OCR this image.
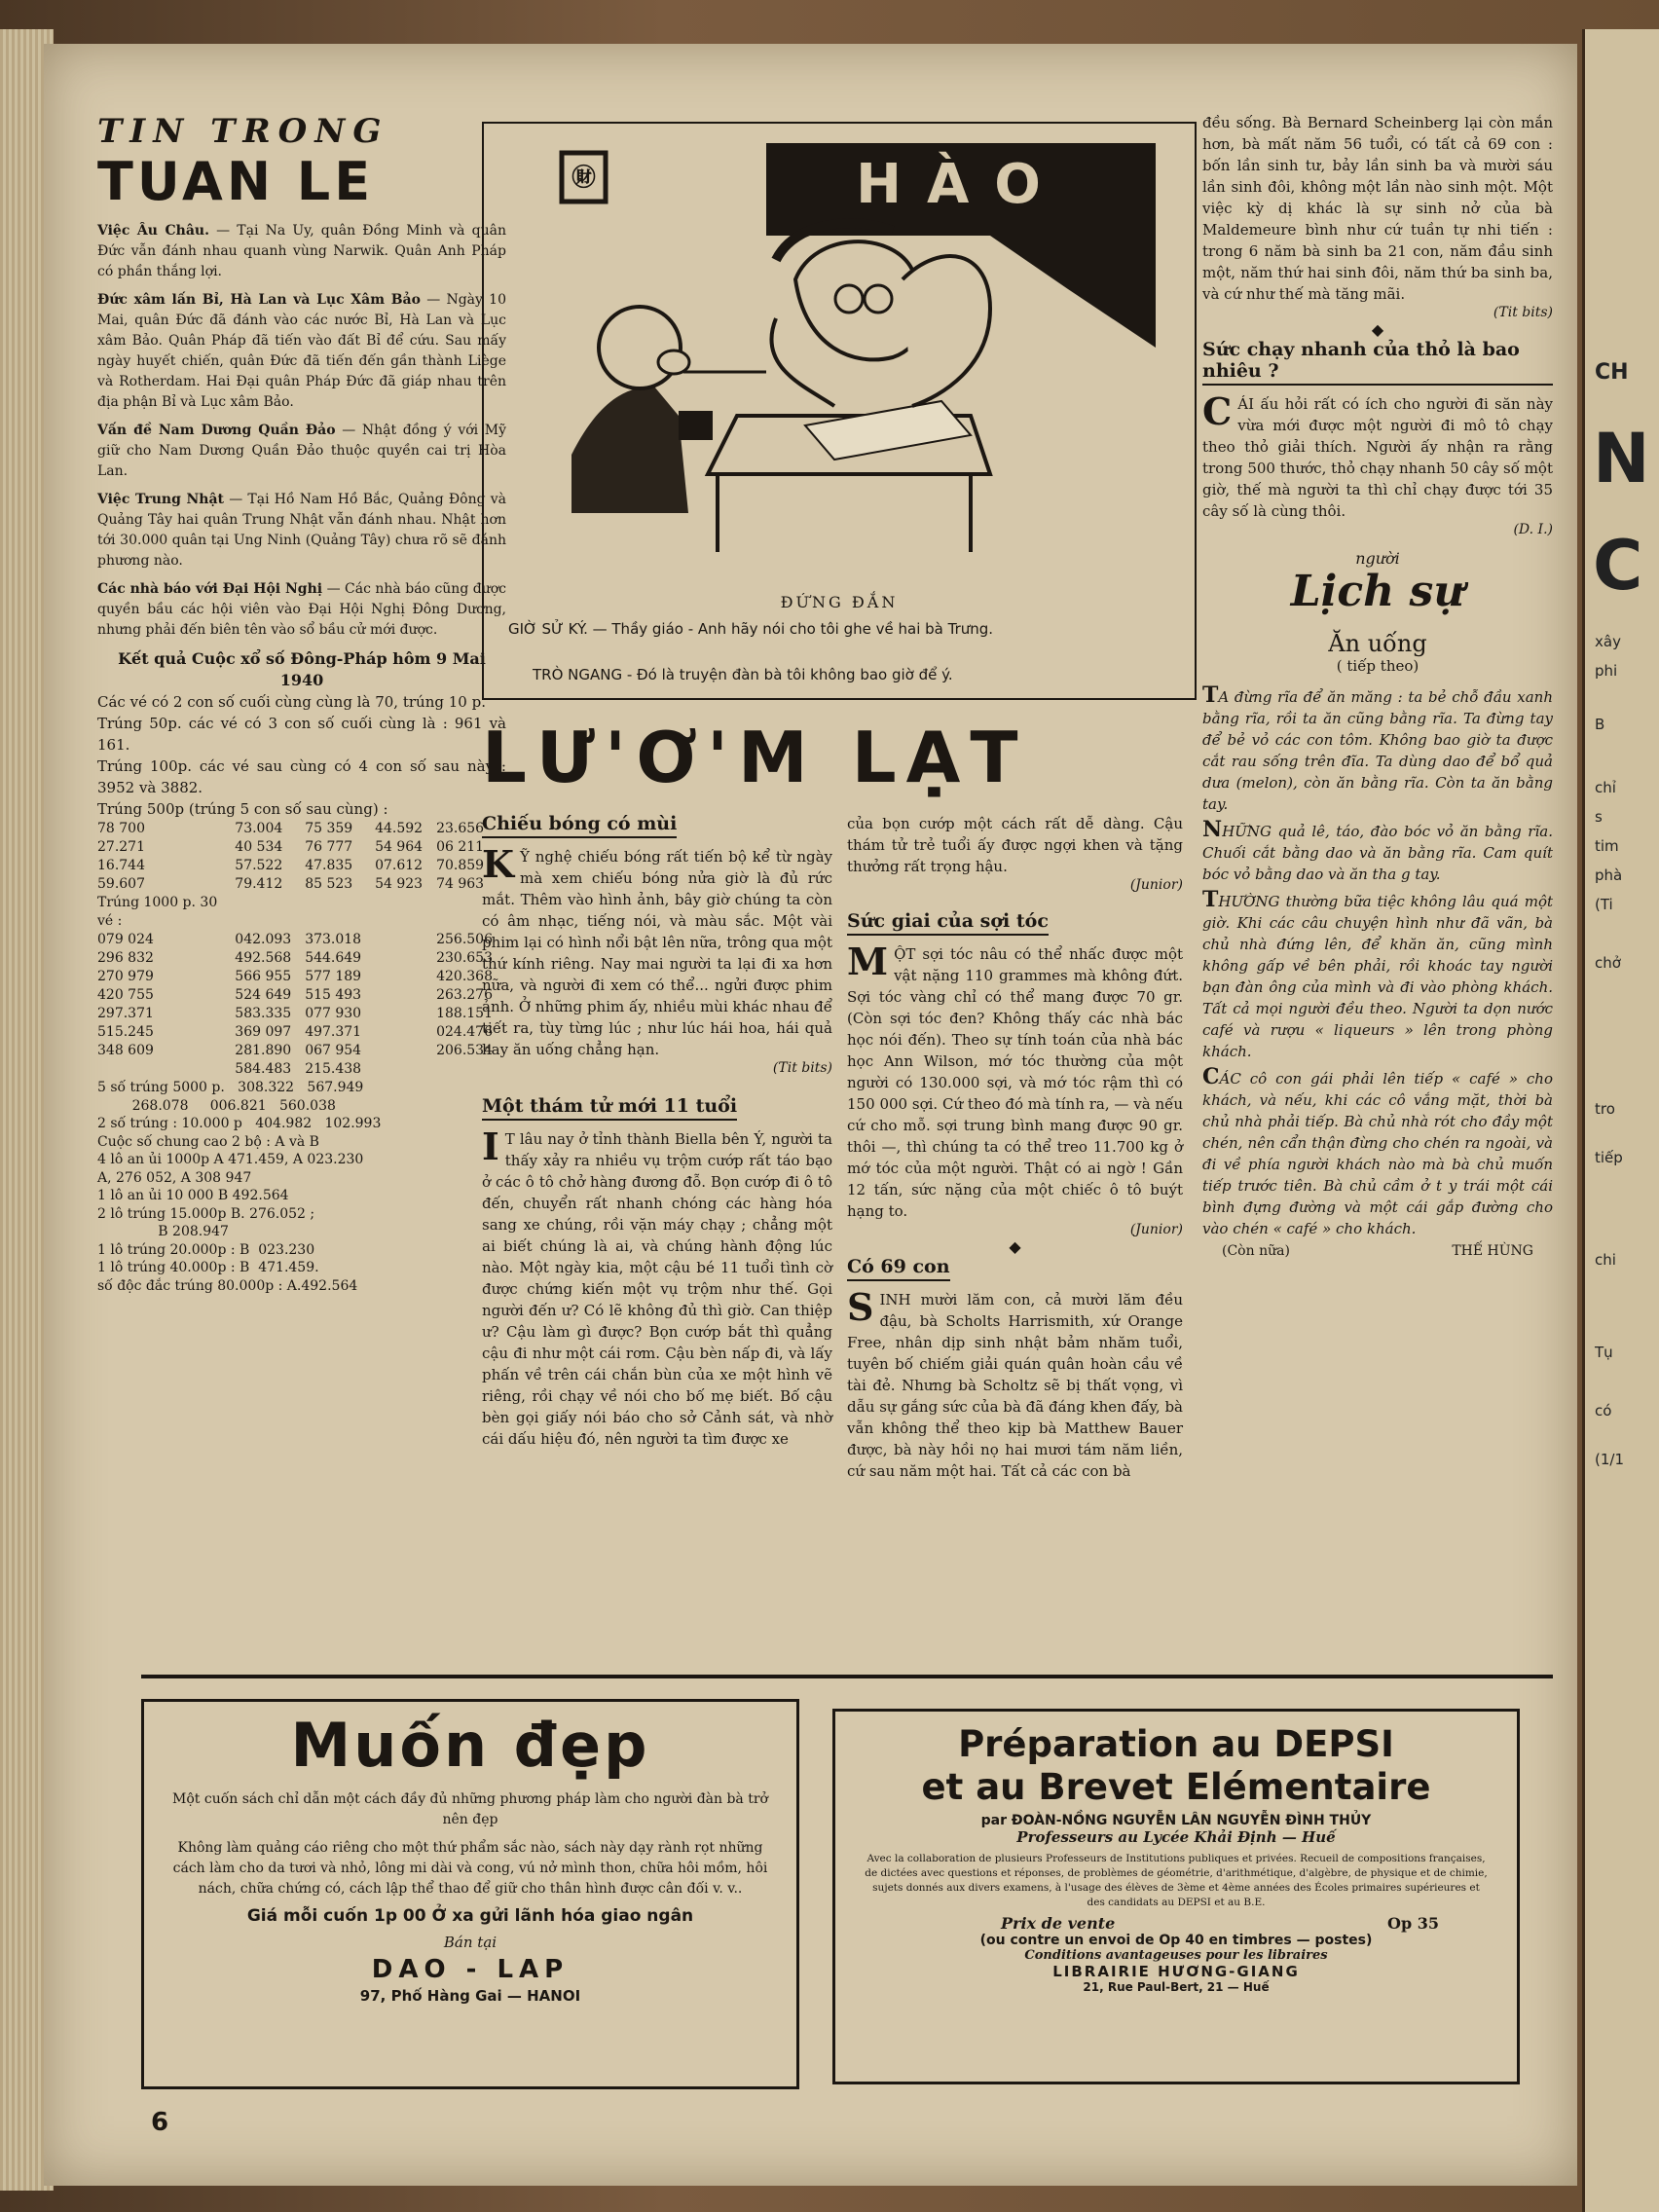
CH
N
C
xây
phi
B
chỉ
s
tim
phà
(Ti
chở
tro
tiếp
chi
Tụ
có
(1/1
TIN TRONG
TUAN LE

Việc Âu Châu. — Tại Na Uy, quân Đồng Minh và quân Đức vẫn đánh nhau quanh vùng Narwik. Quân Anh Pháp có phần thắng lợi.

Đức xâm lấn Bỉ, Hà Lan và Lục Xâm Bảo — Ngày 10 Mai, quân Đức đã đánh vào các nước Bỉ, Hà Lan và Lục xâm Bảo. Quân Pháp đã tiến vào đất Bỉ để cứu. Sau mấy ngày huyết chiến, quân Đức đã tiến đến gần thành Liège và Rotherdam. Hai Đại quân Pháp Đức đã giáp nhau trên địa phận Bỉ và Lục xâm Bảo.

Vấn đề Nam Dương Quần Đảo — Nhật đồng ý với Mỹ giữ cho Nam Dương Quần Đảo thuộc quyền cai trị Hòa Lan.

Việc Trung Nhật — Tại Hồ Nam Hồ Bắc, Quảng Đông và Quảng Tây hai quân Trung Nhật vẫn đánh nhau. Nhật hơn tới 30.000 quân tại Ung Ninh (Quảng Tây) chưa rõ sẽ đánh phương nào.

Các nhà báo với Đại Hội Nghị — Các nhà báo cũng được quyền bầu các hội viên vào Đại Hội Nghị Đông Dương, nhưng phải đến biên tên vào sổ bầu cử mới được.

Kết quả Cuộc xổ số Đông-Pháp hôm 9 Mai 1940
Các vé có 2 con số cuối cùng cùng là 70, trúng 10 p.
Trúng 50p. các vé có 3 con số cuối cùng là : 961 và 161.
Trúng 100p. các vé sau cùng có 4 con số sau này : 3952 và 3882.
Trúng 500p (trúng 5 con số sau cùng) :
78 700	73.004	75 359	44.592	23.656
27.271	40 534	76 777	54 964	06 211
16.744	57.522	47.835	07.612	70.859
59.607	79.412	85 523	54 923	74 963
Trúng 1000 p. 30 vé :				
079 024	042.093	373.018		256.506
296 832	492.568	544.649		230.653
270 979	566 955	577 189		420.368
420 755	524 649	515 493		263.276
297.371	583.335	077 930		188.151
515.245	369 097	497.371		024.476
348 609	281.890	067 954		206.534
	584.483	215.438		
5 số trúng 5000 p.   308.322   567.949
268.078     006.821   560.038
2 số trúng : 10.000 p   404.982   102.993
Cuộc số chung cao 2 bộ : A và B
4 lô an ủi 1000p A 471.459, A 023.230
A, 276 052, A 308 947
1 lô an ủi 10 000 B 492.564
2 lô trúng 15.000p B. 276.052 ;
B 208.947
1 lô trúng 20.000p : B  023.230
1 lô trúng 40.000p : B  471.459.
số độc đắc trúng 80.000p : A.492.564
㊖	HÀO
ĐỨNG ĐẮN
GIỜ SỬ KÝ. — Thầy giáo - Anh hãy nói cho tôi ghe về hai bà Trưng.
TRÒ NGANG - Đó là truyện đàn bà tôi không bao giờ để ý.
LƯ'Ơ'M LẠT
Chiếu bóng có mùi
K Ỹ nghệ chiếu bóng rất tiến bộ kể từ ngày mà xem chiếu bóng nửa giờ là đủ rức mắt. Thêm vào hình ảnh, bây giờ chúng ta còn có âm nhạc, tiếng nói, và màu sắc. Một vài phim lại có hình nổi bật lên nữa, trông qua một thứ kính riêng. Nay mai người ta lại đi xa hơn nữa, và người đi xem có thể... ngửi được phim ảnh. Ở những phim ấy, nhiều mùi khác nhau để tiết ra, tùy từng lúc ; như lúc hái hoa, hái quả hay ăn uống chẳng hạn.
(Tit bits)
Một thám tử mới 11 tuổi
I T lâu nay ở tỉnh thành Biella bên Ý, người ta thấy xảy ra nhiều vụ trộm cướp rất táo bạo ở các ô tô chở hàng đương đỗ. Bọn cướp đi ô tô đến, chuyển rất nhanh chóng các hàng hóa sang xe chúng, rồi vặn máy chạy ; chẳng một ai biết chúng là ai, và chúng hành động lúc nào. Một ngày kia, một cậu bé 11 tuổi tình cờ được chứng kiến một vụ trộm như thế. Gọi người đến ư? Có lẽ không đủ thì giờ. Can thiệp ư? Cậu làm gì được? Bọn cướp bắt thì quẳng cậu đi như một cái rơm. Cậu bèn nấp đi, và lấy phấn về trên cái chắn bùn của xe một hình vẽ riêng, rồi chạy về nói cho bố mẹ biết. Bố cậu bèn gọi giấy nói báo cho sở Cảnh sát, và nhờ cái dấu hiệu đó, nên người ta tìm được xe
của bọn cướp một cách rất dễ dàng. Cậu thám tử trẻ tuổi ấy được ngợi khen và tặng thưởng rất trọng hậu.
(Junior)
Sức giai của sợi tóc
MỘT sợi tóc nâu có thể nhấc được một vật nặng 110 grammes mà không đứt. Sợi tóc vàng chỉ có thể mang được 70 gr. (Còn sợi tóc đen? Không thấy các nhà bác học nói đến). Theo sự tính toán của nhà bác học Ann Wilson, mớ tóc thường của một người có 130.000 sợi, và mớ tóc rậm thì có 150 000 sợi. Cứ theo đó mà tính ra, — và nếu cứ cho mỗ. sợi trung bình mang được 90 gr. thôi —, thì chúng ta có thể treo 11.700 kg ở mớ tóc của một người. Thật có ai ngờ ! Gần 12 tấn, sức nặng của một chiếc ô tô buýt hạng to.
(Junior)
◆
Có 69 con
SINH mười lăm con, cả mười lăm đều đậu, bà Scholts Harrismith, xứ Orange Free, nhân dịp sinh nhật bảm nhăm tuổi, tuyên bố chiếm giải quán quân hoàn cầu về tài đẻ. Nhưng bà Scholtz sẽ bị thất vọng, vì dẫu sự gắng sức của bà đã đáng khen đấy, bà vẫn không thể theo kịp bà Matthew Bauer được, bà này hồi nọ hai mươi tám năm liền, cứ sau năm một hai. Tất cả các con bà
đều sống. Bà Bernard Scheinberg lại còn mắn hơn, bà mất năm 56 tuổi, có tất cả 69 con : bốn lần sinh tư, bảy lần sinh ba và mười sáu lần sinh đôi, không một lần nào sinh một. Một việc kỳ dị khác là sự sinh nở của bà Maldemeure bình như cứ tuần tự nhi tiến : trong 6 năm bà sinh ba 21 con, năm đầu sinh một, năm thứ hai sinh đôi, năm thứ ba sinh ba, và cứ như thế mà tăng mãi.
(Tit bits)
◆
Sức chạy nhanh của thỏ là bao nhiêu ?
CÁI ấu hỏi rất có ích cho người đi săn này vừa mới được một người đi mô tô chạy theo thỏ giải thích. Người ấy nhận ra rằng trong 500 thước, thỏ chạy nhanh 50 cây số một giờ, thế mà người ta thì chỉ chạy được tới 35 cây số là cùng thôi.
(D. I.)
người
Lịch sự
Ăn uống
( tiếp theo)

TA đừng rĩa để ăn măng : ta bẻ chỗ đầu xanh bằng rĩa, rồi ta ăn cũng bằng rĩa. Ta đừng tay để bẻ vỏ các con tôm. Không bao giờ ta được cắt rau sống trên đĩa. Ta dùng dao để bổ quả dưa (melon), còn ăn bằng rĩa. Còn ta ăn bằng tay.

NHỮNG quả lê, táo, đào bóc vỏ ăn bằng rĩa. Chuối cắt bằng dao và ăn bằng rĩa. Cam quít bóc vỏ bằng dao và ăn tha g tay.

THƯỜNG thường bữa tiệc không lâu quá một giờ. Khi các câu chuyện hình như đã vãn, bà chủ nhà đứng lên, để khăn ăn, cũng mình không gấp về bên phải, rồi khoác tay người bạn đàn ông của mình và đi vào phòng khách. Tất cả mọi người đều theo. Người ta dọn nước café và rượu « liqueurs » lên trong phòng khách.

CÁC cô con gái phải lên tiếp « café » cho khách, và nếu, khi các cô vắng mặt, thời bà chủ nhà phải tiếp. Bà chủ nhà rót cho đầy một chén, nên cẩn thận đừng cho chén ra ngoài, và đi về phía người khách nào mà bà chủ muốn tiếp trước tiên. Bà chủ cầm ở t y trái một cái bình đựng đường và một cái gắp đường cho vào chén « café » cho khách.

(Còn nữa)	THẾ HÙNG
Muốn đẹp
Một cuốn sách chỉ dẫn một cách đầy đủ những phương pháp làm cho người đàn bà trở nên đẹp
Không làm quảng cáo riêng cho một thứ phẩm sắc nào, sách này dạy rành rọt những cách làm cho da tươi và nhỏ, lông mi dài và cong, vú nở mình thon, chữa hôi mồm, hôi nách, chữa chứng có, cách lập thể thao để giữ cho thân hình được cân đối v. v..
Giá mỗi cuốn 1p 00 Ở xa gửi lãnh hóa giao ngân
Bán tại
DAO - LAP
97, Phố Hàng Gai — HANOI
Préparation au DEPSI
et au Brevet Elémentaire
par ĐOÀN-NỒNG NGUYỄN LÂN NGUYỄN ĐÌNH THỦY
Professeurs au Lycée Khải Định — Huế
Avec la collaboration de plusieurs Professeurs de Institutions publiques et privées. Recueil de compositions françaises, de dictées avec questions et réponses, de problèmes de géométrie, d'arithmétique, d'algèbre, de physique et de chimie, sujets donnés aux divers examens, à l'usage des élèves de 3ème et 4ème années des Écoles primaires supérieures et des candidats au DEPSI et au B.E.
Prix de vente	Op 35
(ou contre un envoi de Op 40 en timbres — postes)
Conditions avantageuses pour les libraires
LIBRAIRIE HƯƠNG-GIANG
21, Rue Paul-Bert, 21 — Huế
6
